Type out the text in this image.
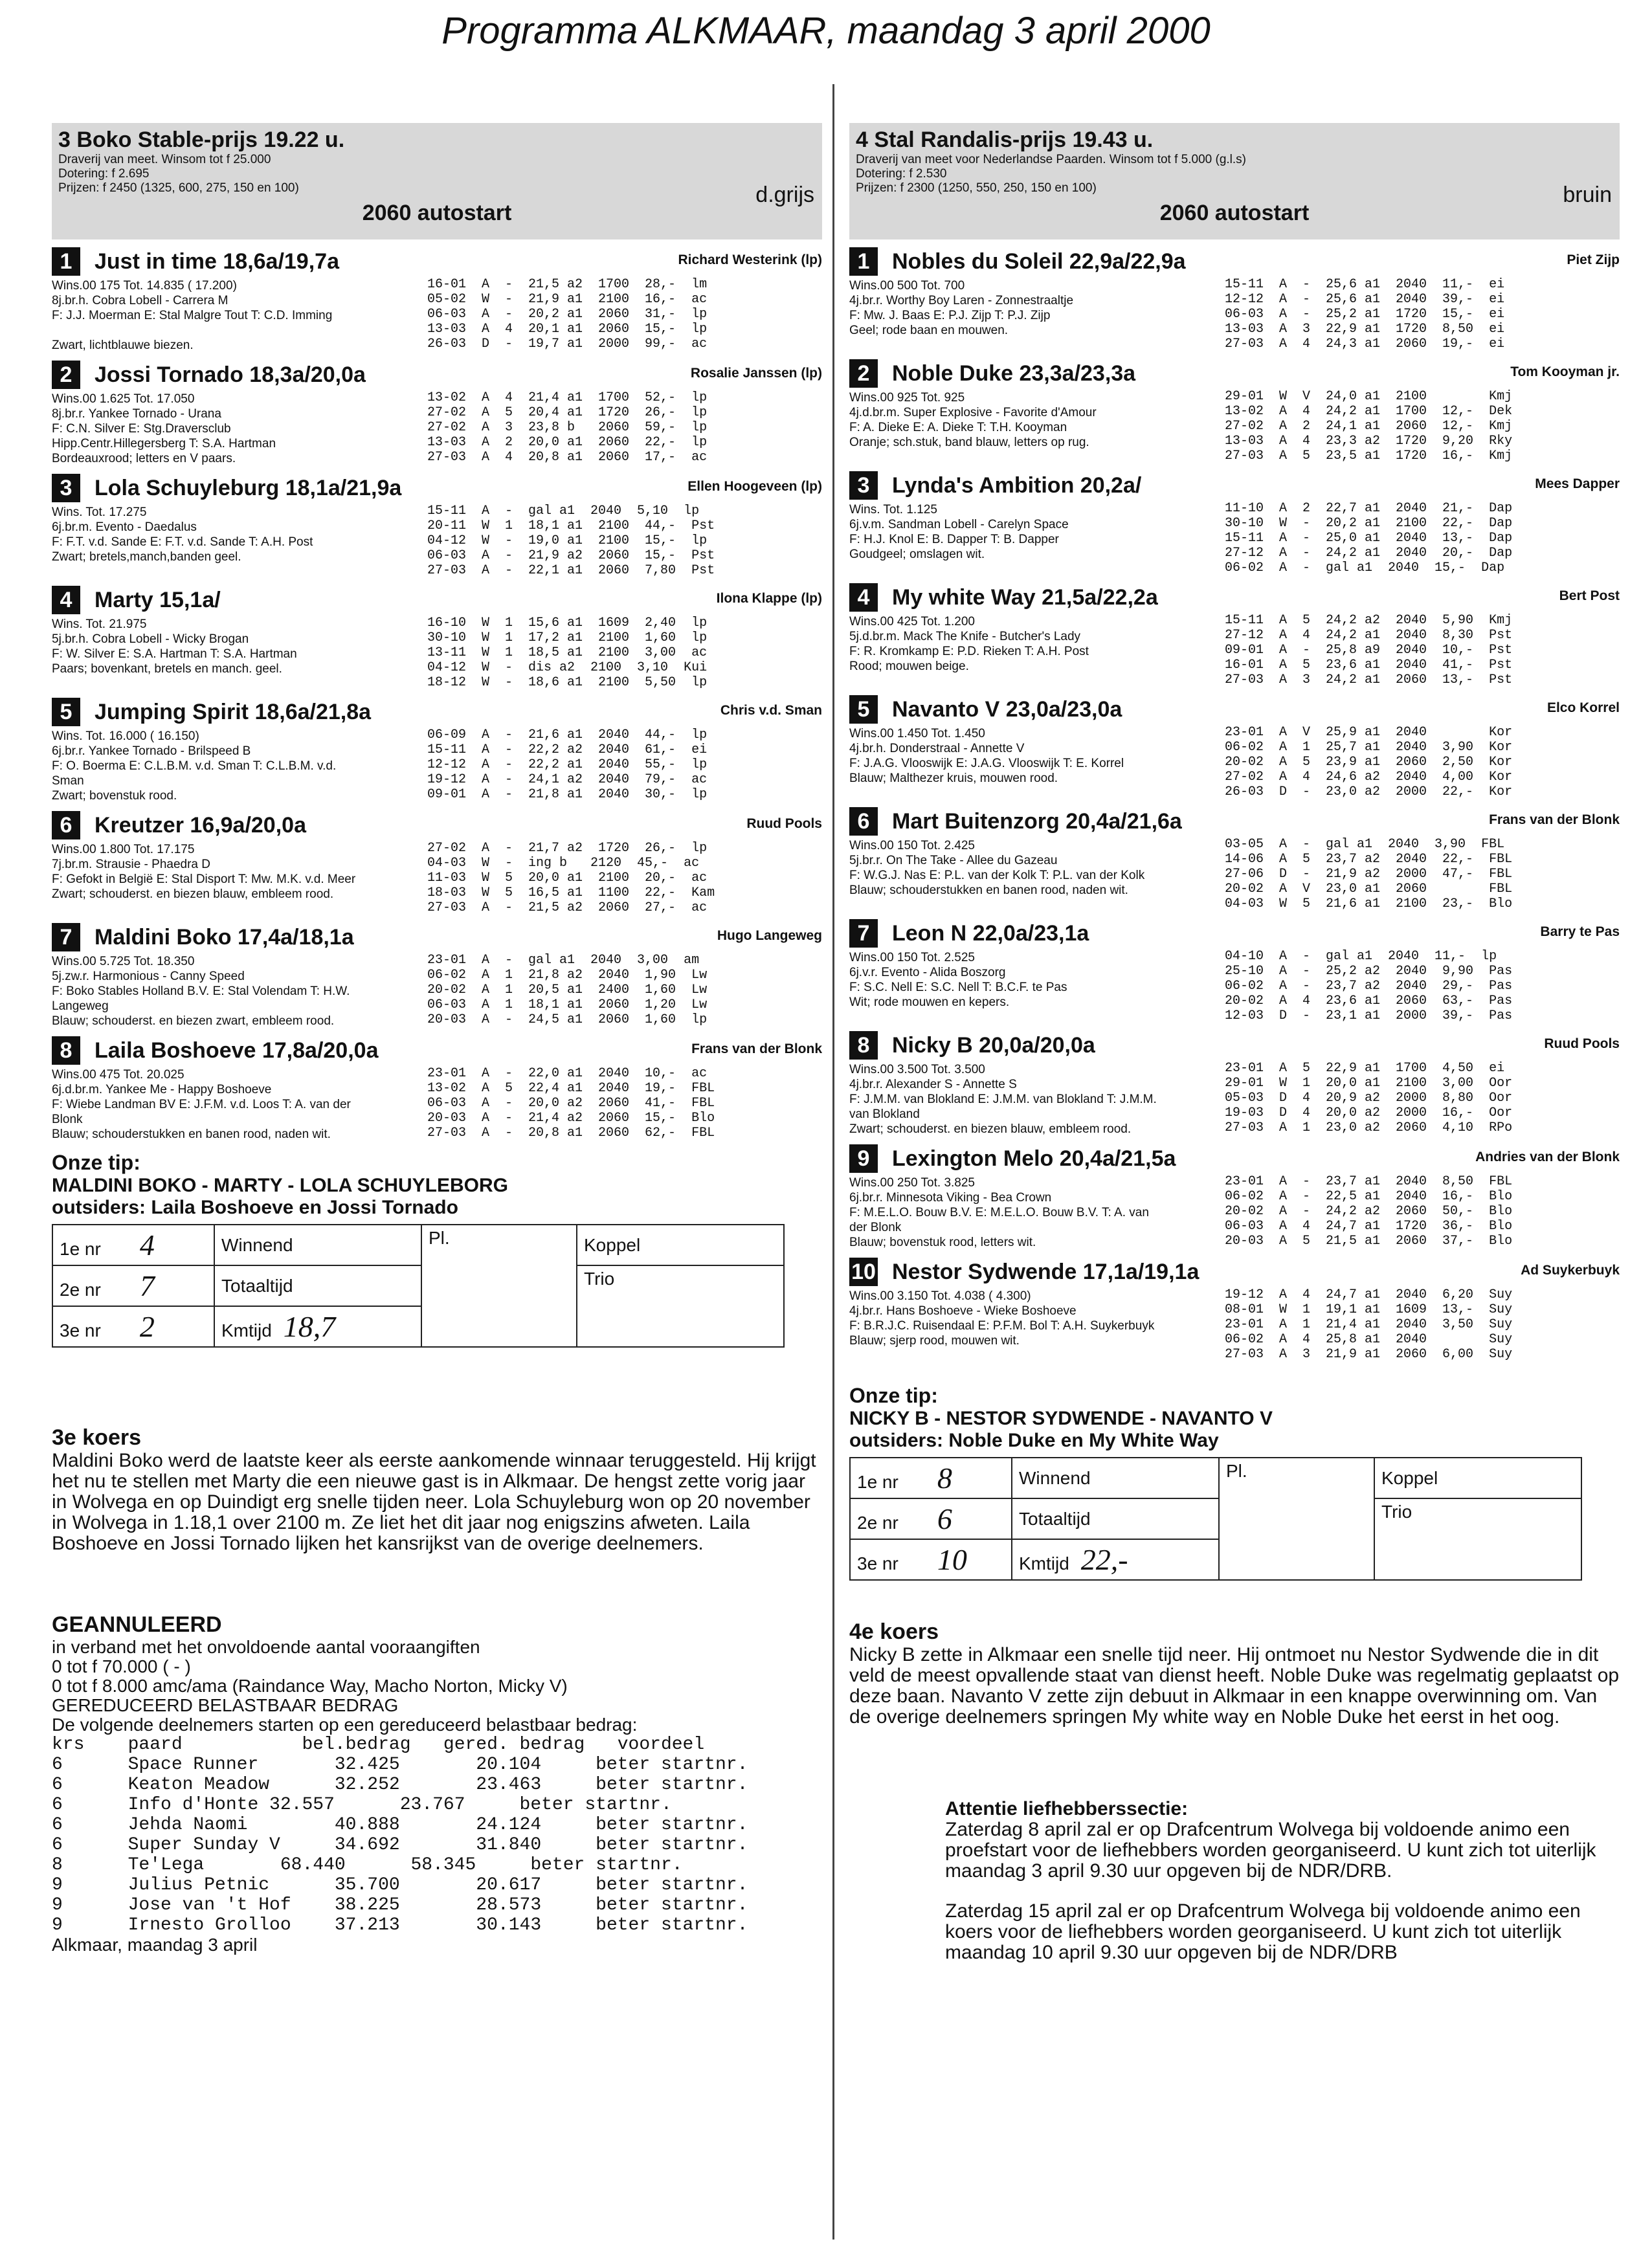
Programma ALKMAAR, maandag 3 april 2000
3 Boko Stable-prijs 19.22 u.
Draverij van meet. Winsom tot f 25.000
Dotering: f 2.695
Prijzen: f 2450 (1325, 600, 275, 150 en 100)	d.grijs
2060 autostart
1	Just in time 18,6a/19,7a	Richard Westerink (lp)
Wins.00 175 Tot. 14.835 ( 17.200)
8j.br.h. Cobra Lobell - Carrera M
F: J.J. Moerman E: Stal Malgre Tout T: C.D. Imming
Zwart, lichtblauwe biezen.
16-01  A  -  21,5 a2  1700  28,-  lm
05-02  W  -  21,9 a1  2100  16,-  ac
06-03  A  -  20,2 a1  2060  31,-  lp
13-03  A  4  20,1 a1  2060  15,-  lp
26-03  D  -  19,7 a1  2000  99,-  ac
2	Jossi Tornado 18,3a/20,0a	Rosalie Janssen (lp)
Wins.00 1.625 Tot. 17.050
8j.br.r. Yankee Tornado - Urana
F: C.N. Silver E: Stg.Draversclub
Hipp.Centr.Hillegersberg T: S.A. Hartman
Bordeauxrood; letters en V paars.
13-02  A  4  21,4 a1  1700  52,-  lp
27-02  A  5  20,4 a1  1720  26,-  lp
27-02  A  3  23,8 b   2060  59,-  lp
13-03  A  2  20,0 a1  2060  22,-  lp
27-03  A  4  20,8 a1  2060  17,-  ac
3	Lola Schuyleburg 18,1a/21,9a	Ellen Hoogeveen (lp)
Wins. Tot. 17.275
6j.br.m. Evento - Daedalus
F: F.T. v.d. Sande E: F.T. v.d. Sande T: A.H. Post
Zwart; bretels,manch,banden geel.
15-11  A  -  gal a1  2040  5,10  lp
20-11  W  1  18,1 a1  2100  44,-  Pst
04-12  W  -  19,0 a1  2100  15,-  lp
06-03  A  -  21,9 a2  2060  15,-  Pst
27-03  A  -  22,1 a1  2060  7,80  Pst
4	Marty 15,1a/	Ilona Klappe (lp)
Wins. Tot. 21.975
5j.br.h. Cobra Lobell - Wicky Brogan
F: W. Silver E: S.A. Hartman T: S.A. Hartman
Paars; bovenkant, bretels en manch. geel.
16-10  W  1  15,6 a1  1609  2,40  lp
30-10  W  1  17,2 a1  2100  1,60  lp
13-11  W  1  18,5 a1  2100  3,00  ac
04-12  W  -  dis a2  2100  3,10  Kui
18-12  W  -  18,6 a1  2100  5,50  lp
5	Jumping Spirit 18,6a/21,8a	Chris v.d. Sman
Wins. Tot. 16.000 ( 16.150)
6j.br.r. Yankee Tornado - Brilspeed B
F: O. Boerma E: C.L.B.M. v.d. Sman T: C.L.B.M. v.d.
Sman
Zwart; bovenstuk rood.
06-09  A  -  21,6 a1  2040  44,-  lp
15-11  A  -  22,2 a2  2040  61,-  ei
12-12  A  -  22,2 a1  2040  55,-  lp
19-12  A  -  24,1 a2  2040  79,-  ac
09-01  A  -  21,8 a1  2040  30,-  lp
6	Kreutzer 16,9a/20,0a	Ruud Pools
Wins.00 1.800 Tot. 17.175
7j.br.m. Strausie - Phaedra D
F: Gefokt in België E: Stal Disport T: Mw. M.K. v.d. Meer
Zwart; schouderst. en biezen blauw, embleem rood.
27-02  A  -  21,7 a2  1720  26,-  lp
04-03  W  -  ing b   2120  45,-  ac
11-03  W  5  20,0 a1  2100  20,-  ac
18-03  W  5  16,5 a1  1100  22,-  Kam
27-03  A  -  21,5 a2  2060  27,-  ac
7	Maldini Boko 17,4a/18,1a	Hugo Langeweg
Wins.00 5.725 Tot. 18.350
5j.zw.r. Harmonious - Canny Speed
F: Boko Stables Holland B.V. E: Stal Volendam T: H.W.
Langeweg
Blauw; schouderst. en biezen zwart, embleem rood.
23-01  A  -  gal a1  2040  3,00  am
06-02  A  1  21,8 a2  2040  1,90  Lw
20-02  A  1  20,5 a1  2400  1,60  Lw
06-03  A  1  18,1 a1  2060  1,20  Lw
20-03  A  -  24,5 a1  2060  1,60  lp
8	Laila Boshoeve 17,8a/20,0a	Frans van der Blonk
Wins.00 475 Tot. 20.025
6j.d.br.m. Yankee Me - Happy Boshoeve
F: Wiebe Landman BV E: J.F.M. v.d. Loos T: A. van der
Blonk
Blauw; schouderstukken en banen rood, naden wit.
23-01  A  -  22,0 a1  2040  10,-  ac
13-02  A  5  22,4 a1  2040  19,-  FBL
06-03  A  -  20,0 a2  2060  41,-  FBL
20-03  A  -  21,4 a2  2060  15,-  Blo
27-03  A  -  20,8 a1  2060  62,-  FBL
Onze tip:
MALDINI BOKO - MARTY - LOLA SCHUYLEBORG
outsiders: Laila Boshoeve en Jossi Tornado
1e nr 4	Winnend	Pl.	Koppel
2e nr 7	Totaaltijd		Trio
3e nr 2	Kmtijd 18,7		
3e koers
Maldini Boko werd de laatste keer als eerste aankomende winnaar teruggesteld. Hij krijgt het nu te stellen met Marty die een nieuwe gast is in Alkmaar. De hengst zette vorig jaar in Wolvega en op Duindigt erg snelle tijden neer. Lola Schuyleburg won op 20 november in Wolvega in 1.18,1 over 2100 m. Ze liet het dit jaar nog enigszins afweten. Laila Boshoeve en Jossi Tornado lijken het kansrijkst van de overige deelnemers.
GEANNULEERD
in verband met het onvoldoende aantal vooraangiften
0 tot f 70.000 ( - )
0 tot f 8.000 amc/ama (Raindance Way, Macho Norton, Micky V)
GEREDUCEERD BELASTBAAR BEDRAG
De volgende deelnemers starten op een gereduceerd belastbaar bedrag:
krs    paard           bel.bedrag   gered. bedrag   voordeel
6      Space Runner       32.425       20.104     beter startnr.
6      Keaton Meadow      32.252       23.463     beter startnr.
6      Info d'Honte 32.557      23.767     beter startnr.
6      Jehda Naomi        40.888       24.124     beter startnr.
6      Super Sunday V     34.692       31.840     beter startnr.
8      Te'Lega       68.440      58.345     beter startnr.
9      Julius Petnic      35.700       20.617     beter startnr.
9      Jose van 't Hof    38.225       28.573     beter startnr.
9      Irnesto Grolloo    37.213       30.143     beter startnr.
Alkmaar, maandag 3 april
4 Stal Randalis-prijs 19.43 u.
Draverij van meet voor Nederlandse Paarden. Winsom tot f 5.000 (g.l.s)
Dotering: f 2.530
Prijzen: f 2300 (1250, 550, 250, 150 en 100)	bruin
2060 autostart
1	Nobles du Soleil 22,9a/22,9a	Piet Zijp
Wins.00 500 Tot. 700
4j.br.r. Worthy Boy Laren - Zonnestraaltje
F: Mw. J. Baas E: P.J. Zijp T: P.J. Zijp
Geel; rode baan en mouwen.
15-11  A  -  25,6 a1  2040  11,-  ei
12-12  A  -  25,6 a1  2040  39,-  ei
06-03  A  -  25,2 a1  1720  15,-  ei
13-03  A  3  22,9 a1  1720  8,50  ei
27-03  A  4  24,3 a1  2060  19,-  ei
2	Noble Duke 23,3a/23,3a	Tom Kooyman jr.
Wins.00 925 Tot. 925
4j.d.br.m. Super Explosive - Favorite d'Amour
F: A. Dieke E: A. Dieke T: T.H. Kooyman
Oranje; sch.stuk, band blauw, letters op rug.
29-01  W  V  24,0 a1  2100        Kmj
13-02  A  4  24,2 a1  1700  12,-  Dek
27-02  A  2  24,1 a1  2060  12,-  Kmj
13-03  A  4  23,3 a2  1720  9,20  Rky
27-03  A  5  23,5 a1  1720  16,-  Kmj
3	Lynda's Ambition 20,2a/	Mees Dapper
Wins. Tot. 1.125
6j.v.m. Sandman Lobell - Carelyn Space
F: H.J. Knol E: B. Dapper T: B. Dapper
Goudgeel; omslagen wit.
11-10  A  2  22,7 a1  2040  21,-  Dap
30-10  W  -  20,2 a1  2100  22,-  Dap
15-11  A  -  25,0 a1  2040  13,-  Dap
27-12  A  -  24,2 a1  2040  20,-  Dap
06-02  A  -  gal a1  2040  15,-  Dap
4	My white Way 21,5a/22,2a	Bert Post
Wins.00 425 Tot. 1.200
5j.d.br.m. Mack The Knife - Butcher's Lady
F: R. Kromkamp E: P.D. Rieken T: A.H. Post
Rood; mouwen beige.
15-11  A  5  24,2 a2  2040  5,90  Kmj
27-12  A  4  24,2 a1  2040  8,30  Pst
09-01  A  -  25,8 a9  2040  10,-  Pst
16-01  A  5  23,6 a1  2040  41,-  Pst
27-03  A  3  24,2 a1  2060  13,-  Pst
5	Navanto V 23,0a/23,0a	Elco Korrel
Wins.00 1.450 Tot. 1.450
4j.br.h. Donderstraal - Annette V
F: J.A.G. Vlooswijk E: J.A.G. Vlooswijk T: E. Korrel
Blauw; Malthezer kruis, mouwen rood.
23-01  A  V  25,9 a1  2040        Kor
06-02  A  1  25,7 a1  2040  3,90  Kor
20-02  A  5  23,9 a1  2060  2,50  Kor
27-02  A  4  24,6 a2  2040  4,00  Kor
26-03  D  -  23,0 a2  2000  22,-  Kor
6	Mart Buitenzorg 20,4a/21,6a	Frans van der Blonk
Wins.00 150 Tot. 2.425
5j.br.r. On The Take - Allee du Gazeau
F: W.G.J. Nas E: P.L. van der Kolk T: P.L. van der Kolk
Blauw; schouderstukken en banen rood, naden wit.
03-05  A  -  gal a1  2040  3,90  FBL
14-06  A  5  23,7 a2  2040  22,-  FBL
27-06  D  -  21,9 a2  2000  47,-  FBL
20-02  A  V  23,0 a1  2060        FBL
04-03  W  5  21,6 a1  2100  23,-  Blo
7	Leon N 22,0a/23,1a	Barry te Pas
Wins.00 150 Tot. 2.525
6j.v.r. Evento - Alida Boszorg
F: S.C. Nell E: S.C. Nell T: B.C.F. te Pas
Wit; rode mouwen en kepers.
04-10  A  -  gal a1  2040  11,-  lp
25-10  A  -  25,2 a2  2040  9,90  Pas
06-02  A  -  23,7 a2  2040  29,-  Pas
20-02  A  4  23,6 a1  2060  63,-  Pas
12-03  D  -  23,1 a1  2000  39,-  Pas
8	Nicky B 20,0a/20,0a	Ruud Pools
Wins.00 3.500 Tot. 3.500
4j.br.r. Alexander S - Annette S
F: J.M.M. van Blokland E: J.M.M. van Blokland T: J.M.M.
van Blokland
Zwart; schouderst. en biezen blauw, embleem rood.
23-01  A  5  22,9 a1  1700  4,50  ei
29-01  W  1  20,0 a1  2100  3,00  Oor
05-03  D  4  20,9 a2  2000  8,80  Oor
19-03  D  4  20,0 a2  2000  16,-  Oor
27-03  A  1  23,0 a2  2060  4,10  RPo
9	Lexington Melo 20,4a/21,5a	Andries van der Blonk
Wins.00 250 Tot. 3.825
6j.br.r. Minnesota Viking - Bea Crown
F: M.E.L.O. Bouw B.V. E: M.E.L.O. Bouw B.V. T: A. van
der Blonk
Blauw; bovenstuk rood, letters wit.
23-01  A  -  23,7 a1  2040  8,50  FBL
06-02  A  -  22,5 a1  2040  16,-  Blo
20-02  A  -  24,2 a2  2060  50,-  Blo
06-03  A  4  24,7 a1  1720  36,-  Blo
20-03  A  5  21,5 a1  2060  37,-  Blo
10 Nestor Sydwende 17,1a/19,1a	Ad Suykerbuyk
Wins.00 3.150 Tot. 4.038 ( 4.300)
4j.br.r. Hans Boshoeve - Wieke Boshoeve
F: B.R.J.C. Ruisendaal E: P.F.M. Bol T: A.H. Suykerbuyk
Blauw; sjerp rood, mouwen wit.
19-12  A  4  24,7 a1  2040  6,20  Suy
08-01  W  1  19,1 a1  1609  13,-  Suy
23-01  A  1  21,4 a1  2040  3,50  Suy
06-02  A  4  25,8 a1  2040        Suy
27-03  A  3  21,9 a1  2060  6,00  Suy
Onze tip:
NICKY B - NESTOR SYDWENDE - NAVANTO V
outsiders: Noble Duke en My White Way
1e nr 8	Winnend	Pl.	Koppel
2e nr 6	Totaaltijd		Trio
3e nr 10	Kmtijd 22,-		
4e koers
Nicky B zette in Alkmaar een snelle tijd neer. Hij ontmoet nu Nestor Sydwende die in dit veld de meest opvallende staat van dienst heeft. Noble Duke was regelmatig geplaatst op deze baan. Navanto V zette zijn debuut in Alkmaar in een knappe overwinning om. Van de overige deelnemers springen My white way en Noble Duke het eerst in het oog.
Attentie liefhebberssectie:
Zaterdag 8 april zal er op Drafcentrum Wolvega bij voldoende animo een proefstart voor de liefhebbers worden georganiseerd. U kunt zich tot uiterlijk maandag 3 april 9.30 uur opgeven bij de NDR/DRB.
Zaterdag 15 april zal er op Drafcentrum Wolvega bij voldoende animo een koers voor de liefhebbers worden georganiseerd. U kunt zich tot uiterlijk maandag 10 april 9.30 uur opgeven bij de NDR/DRB
